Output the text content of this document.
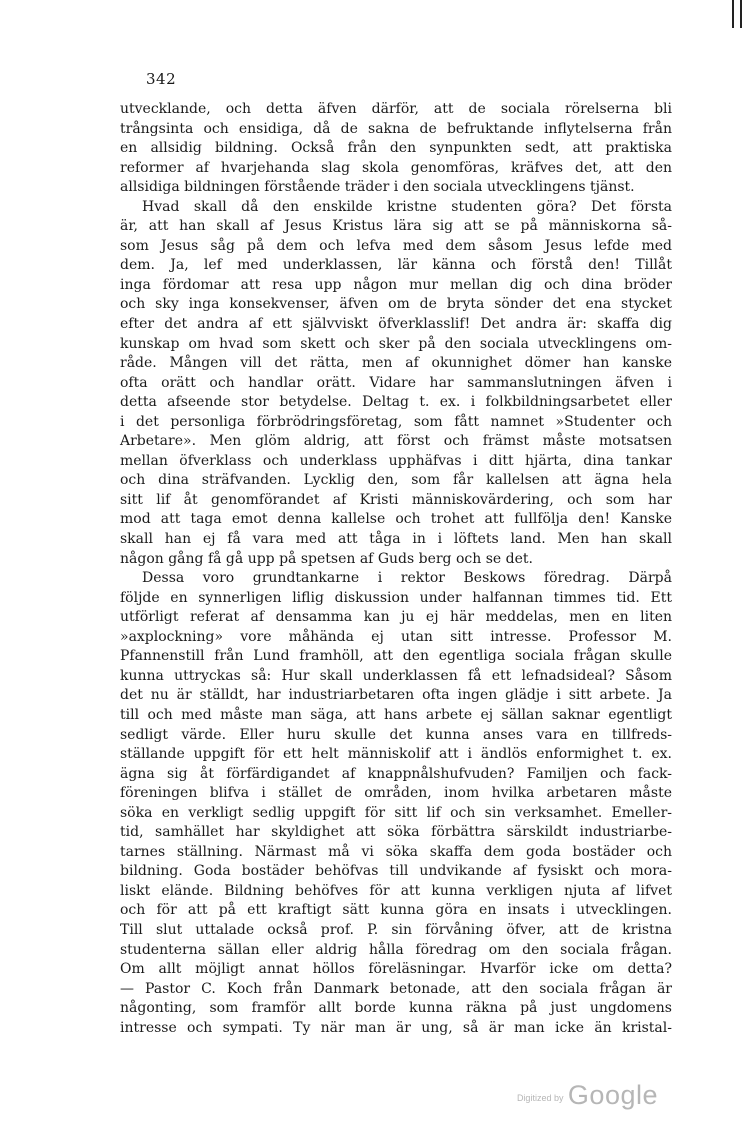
342
utvecklande, och detta äfven därför, att de sociala rörelserna bli
trångsinta och ensidiga, då de sakna de befruktande inflytelserna från
en allsidig bildning. Också från den synpunkten sedt, att praktiska
reformer af hvarjehanda slag skola genomföras, kräfves det, att den
allsidiga bildningen förstående träder i den sociala utvecklingens tjänst.
Hvad skall då den enskilde kristne studenten göra? Det första
är, att han skall af Jesus Kristus lära sig att se på människorna så-
som Jesus såg på dem och lefva med dem såsom Jesus lefde med
dem. Ja, lef med underklassen, lär känna och förstå den! Tillåt
inga fördomar att resa upp någon mur mellan dig och dina bröder
och sky inga konsekvenser, äfven om de bryta sönder det ena stycket
efter det andra af ett självviskt öfverklasslif! Det andra är: skaffa dig
kunskap om hvad som skett och sker på den sociala utvecklingens om-
råde. Mången vill det rätta, men af okunnighet dömer han kanske
ofta orätt och handlar orätt. Vidare har sammanslutningen äfven i
detta afseende stor betydelse. Deltag t. ex. i folkbildningsarbetet eller
i det personliga förbrödringsföretag, som fått namnet »Studenter och
Arbetare». Men glöm aldrig, att först och främst måste motsatsen
mellan öfverklass och underklass upphäfvas i ditt hjärta, dina tankar
och dina sträfvanden. Lycklig den, som får kallelsen att ägna hela
sitt lif åt genomförandet af Kristi människovärdering, och som har
mod att taga emot denna kallelse och trohet att fullfölja den! Kanske
skall han ej få vara med att tåga in i löftets land. Men han skall
någon gång få gå upp på spetsen af Guds berg och se det.
Dessa voro grundtankarne i rektor Beskows föredrag. Därpå
följde en synnerligen liflig diskussion under halfannan timmes tid. Ett
utförligt referat af densamma kan ju ej här meddelas, men en liten
»axplockning» vore måhända ej utan sitt intresse. Professor M.
Pfannenstill från Lund framhöll, att den egentliga sociala frågan skulle
kunna uttryckas så: Hur skall underklassen få ett lefnadsideal? Såsom
det nu är ställdt, har industriarbetaren ofta ingen glädje i sitt arbete. Ja
till och med måste man säga, att hans arbete ej sällan saknar egentligt
sedligt värde. Eller huru skulle det kunna anses vara en tillfreds-
ställande uppgift för ett helt människolif att i ändlös enformighet t. ex.
ägna sig åt förfärdigandet af knappnålshufvuden? Familjen och fack-
föreningen blifva i stället de områden, inom hvilka arbetaren måste
söka en verkligt sedlig uppgift för sitt lif och sin verksamhet. Emeller-
tid, samhället har skyldighet att söka förbättra särskildt industriarbe-
tarnes ställning. Närmast må vi söka skaffa dem goda bostäder och
bildning. Goda bostäder behöfvas till undvikande af fysiskt och mora-
liskt elände. Bildning behöfves för att kunna verkligen njuta af lifvet
och för att på ett kraftigt sätt kunna göra en insats i utvecklingen.
Till slut uttalade också prof. P. sin förvåning öfver, att de kristna
studenterna sällan eller aldrig hålla föredrag om den sociala frågan.
Om allt möjligt annat höllos föreläsningar. Hvarför icke om detta?
— Pastor C. Koch från Danmark betonade, att den sociala frågan är
någonting, som framför allt borde kunna räkna på just ungdomens
intresse och sympati. Ty när man är ung, så är man icke än kristal-
Digitized by Google
